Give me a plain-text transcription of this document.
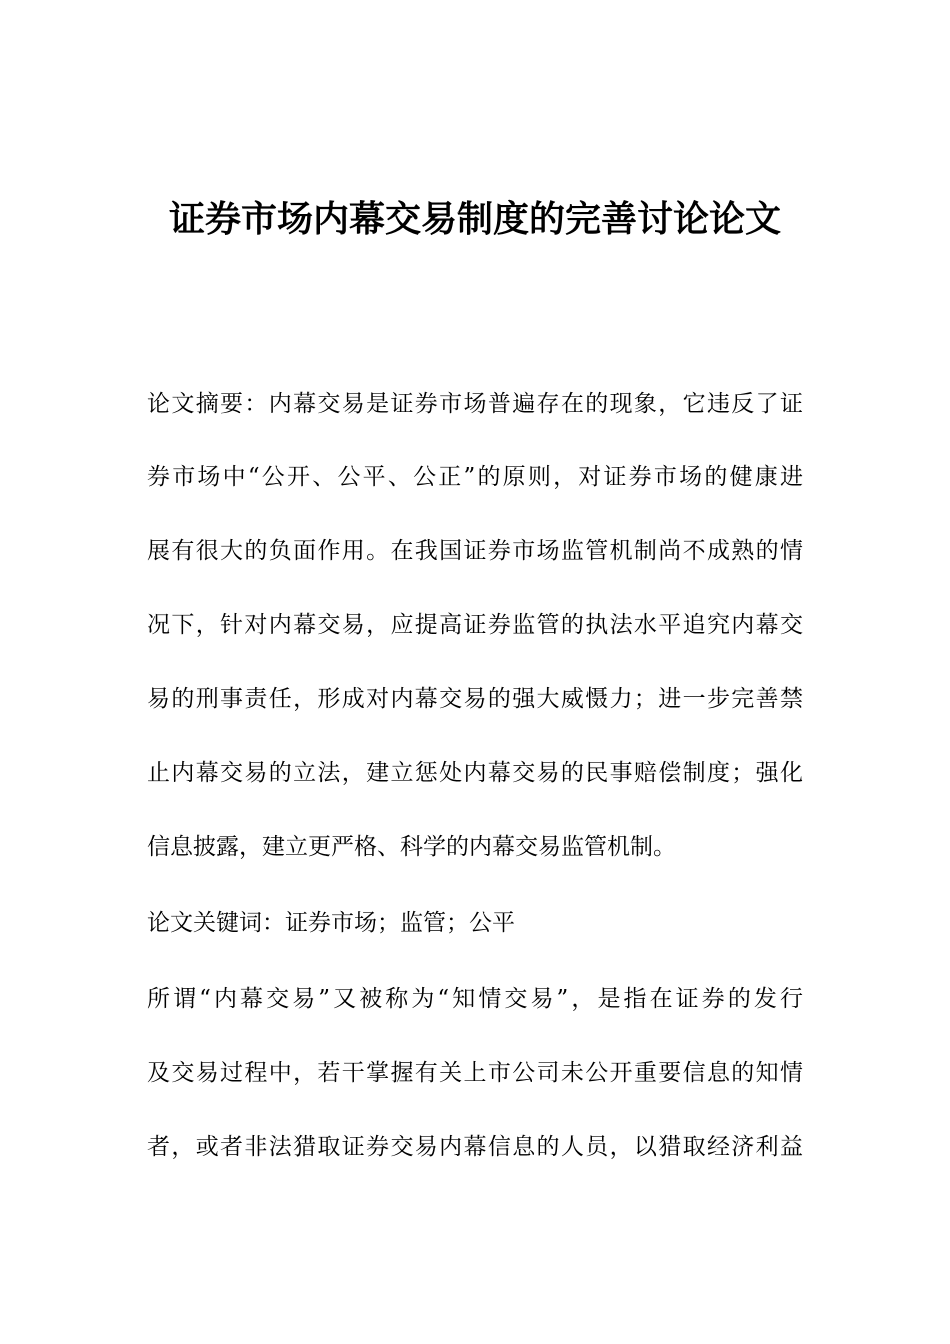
证券市场内幕交易制度的完善讨论论文

论文摘要：内幕交易是证券市场普遍存在的现象，它违反了证

券市场中“公开、公平、公正”的原则，对证券市场的健康进

展有很大的负面作用。在我国证券市场监管机制尚不成熟的情

况下，针对内幕交易，应提高证券监管的执法水平追究内幕交

易的刑事责任，形成对内幕交易的强大威慑力；进一步完善禁

止内幕交易的立法，建立惩处内幕交易的民事赔偿制度；强化

信息披露，建立更严格、科学的内幕交易监管机制。

论文关键词：证券市场；监管；公平

所谓“内幕交易”又被称为“知情交易”，是指在证券的发行

及交易过程中，若干掌握有关上市公司未公开重要信息的知情

者，或者非法猎取证券交易内幕信息的人员，以猎取经济利益
